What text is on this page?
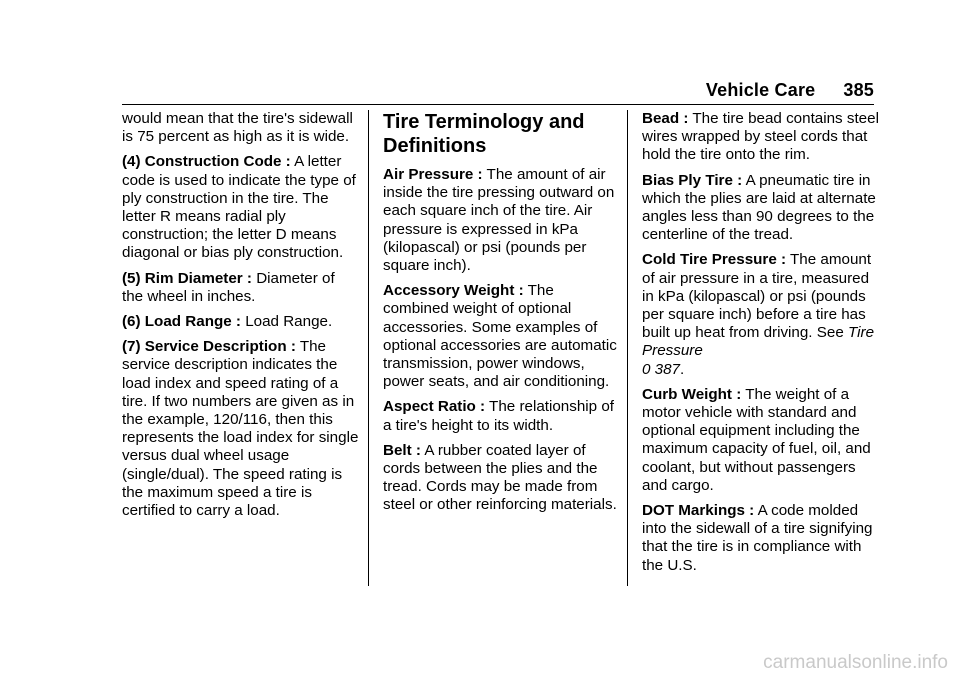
Vehicle Care 385

would mean that the tire's sidewall is 75 percent as high as it is wide.

(4) Construction Code : A letter code is used to indicate the type of ply construction in the tire. The letter R means radial ply construction; the letter D means diagonal or bias ply construction.

(5) Rim Diameter : Diameter of the wheel in inches.

(6) Load Range : Load Range.

(7) Service Description : The service description indicates the load index and speed rating of a tire. If two numbers are given as in the example, 120/116, then this represents the load index for single versus dual wheel usage (single/dual). The speed rating is the maximum speed a tire is certified to carry a load.

Tire Terminology and Definitions

Air Pressure : The amount of air inside the tire pressing outward on each square inch of the tire. Air pressure is expressed in kPa (kilopascal) or psi (pounds per square inch).

Accessory Weight : The combined weight of optional accessories. Some examples of optional accessories are automatic transmission, power windows, power seats, and air conditioning.

Aspect Ratio : The relationship of a tire's height to its width.

Belt : A rubber coated layer of cords between the plies and the tread. Cords may be made from steel or other reinforcing materials.

Bead : The tire bead contains steel wires wrapped by steel cords that hold the tire onto the rim.

Bias Ply Tire : A pneumatic tire in which the plies are laid at alternate angles less than 90 degrees to the centerline of the tread.

Cold Tire Pressure : The amount of air pressure in a tire, measured in kPa (kilopascal) or psi (pounds per square inch) before a tire has built up heat from driving. See Tire Pressure
0 387.

Curb Weight : The weight of a motor vehicle with standard and optional equipment including the maximum capacity of fuel, oil, and coolant, but without passengers and cargo.

DOT Markings : A code molded into the sidewall of a tire signifying that the tire is in compliance with the U.S.

carmanualsonline.info
